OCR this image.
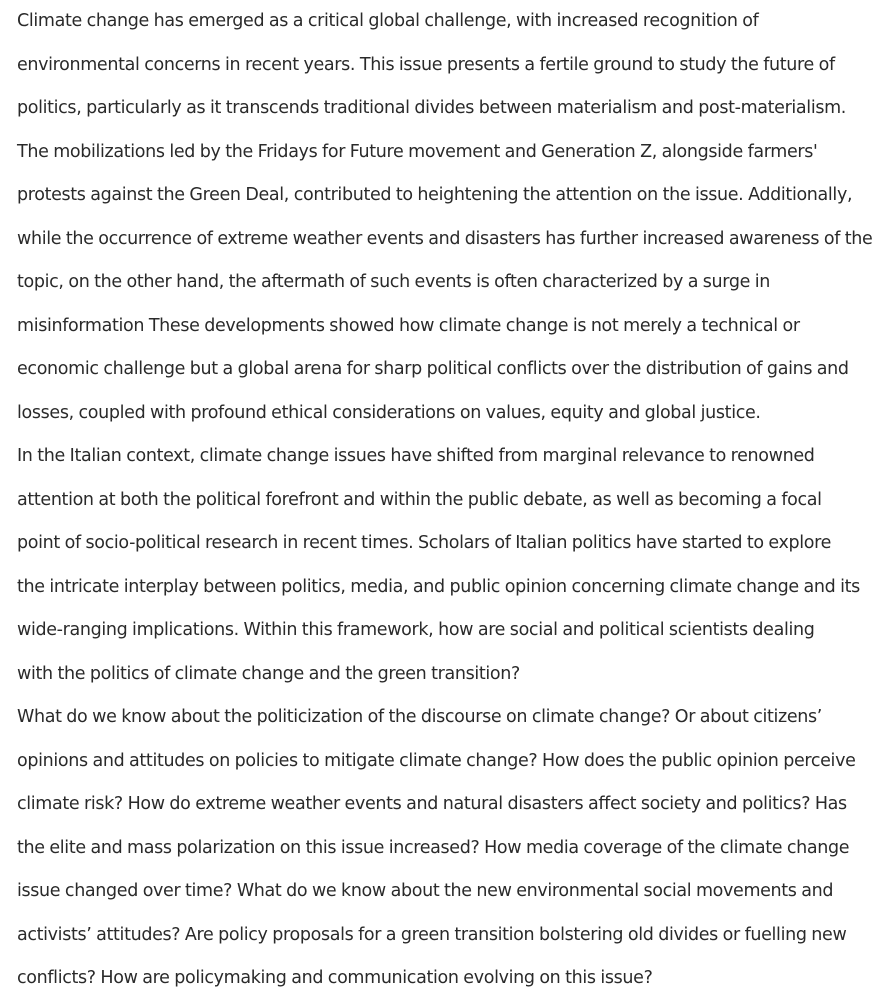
Climate change has emerged as a critical global challenge, with increased recognition of
environmental concerns in recent years. This issue presents a fertile ground to study the future of
politics, particularly as it transcends traditional divides between materialism and post-materialism.
The mobilizations led by the Fridays for Future movement and Generation Z, alongside farmers'
protests against the Green Deal, contributed to heightening the attention on the issue. Additionally,
while the occurrence of extreme weather events and disasters has further increased awareness of the
topic, on the other hand, the aftermath of such events is often characterized by a surge in
misinformation These developments showed how climate change is not merely a technical or
economic challenge but a global arena for sharp political conflicts over the distribution of gains and
losses, coupled with profound ethical considerations on values, equity and global justice.

In the Italian context, climate change issues have shifted from marginal relevance to renowned
attention at both the political forefront and within the public debate, as well as becoming a focal
point of socio-political research in recent times. Scholars of Italian politics have started to explore
the intricate interplay between politics, media, and public opinion concerning climate change and its
wide-ranging implications. Within this framework, how are social and political scientists dealing
with the politics of climate change and the green transition?

What do we know about the politicization of the discourse on climate change? Or about citizens’
opinions and attitudes on policies to mitigate climate change? How does the public opinion perceive
climate risk? How do extreme weather events and natural disasters affect society and politics? Has
the elite and mass polarization on this issue increased? How media coverage of the climate change
issue changed over time? What do we know about the new environmental social movements and
activists’ attitudes? Are policy proposals for a green transition bolstering old divides or fuelling new
conflicts? How are policymaking and communication evolving on this issue?
